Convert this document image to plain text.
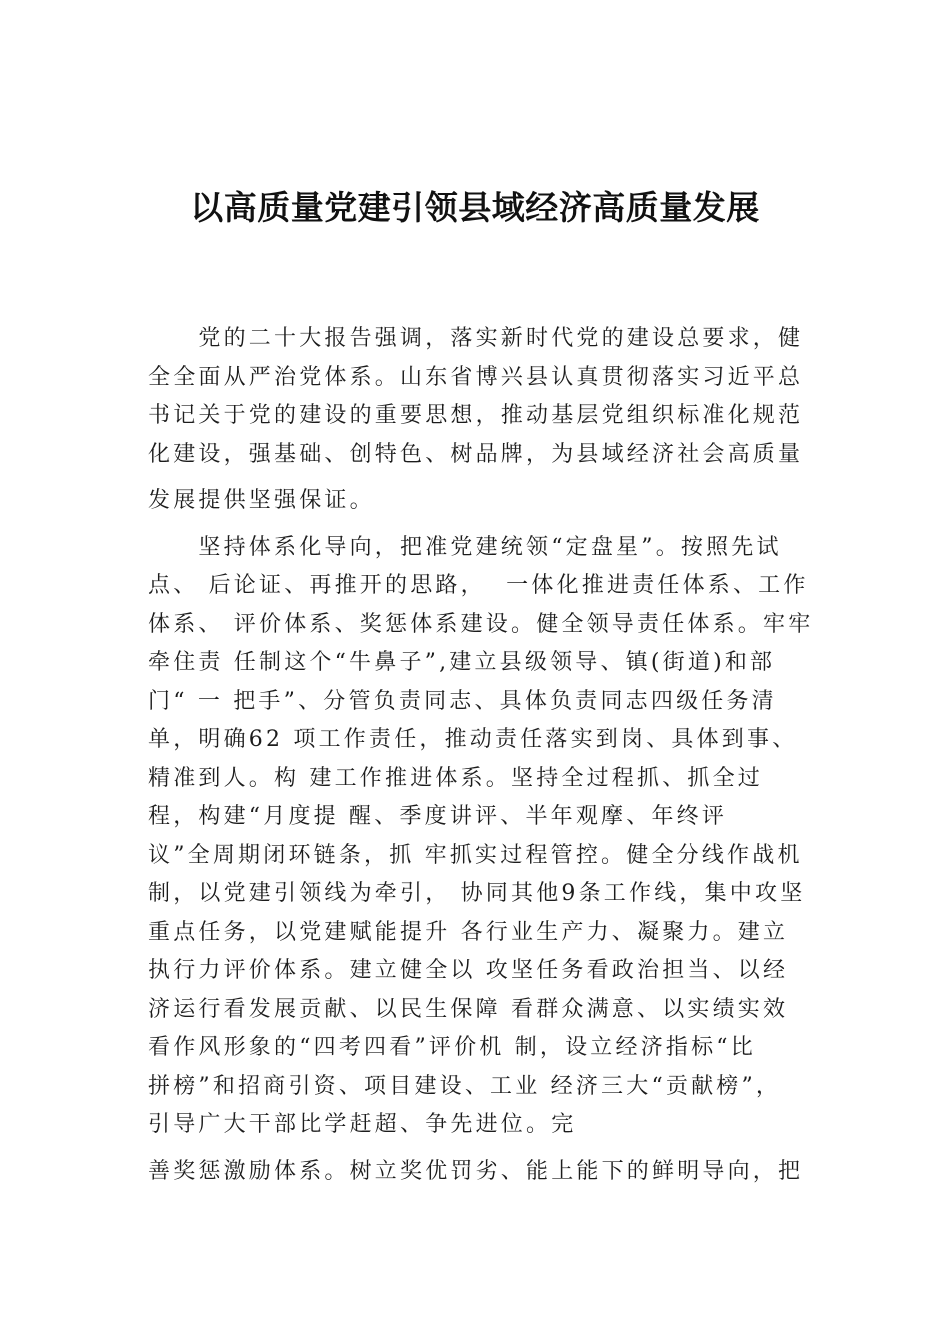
以高质量党建引领县域经济高质量发展
　　党的二十大报告强调，落实新时代党的建设总要求，健
全全面从严治党体系。山东省博兴县认真贯彻落实习近平总
书记关于党的建设的重要思想，推动基层党组织标准化规范
化建设，强基础、创特色、树品牌，为县域经济社会高质量
发展提供坚强保证。
　　坚持体系化导向，把准党建统领“定盘星”。按照先试
点、 后论证、再推开的思路，  一体化推进责任体系、工作
体系、 评价体系、奖惩体系建设。健全领导责任体系。牢牢
牵住责 任制这个“牛鼻子”,建立县级领导、镇(街道)和部
门“ 一 把手”、分管负责同志、具体负责同志四级任务清
单，明确62 项工作责任，推动责任落实到岗、具体到事、
精准到人。构 建工作推进体系。坚持全过程抓、抓全过
程，构建“月度提 醒、季度讲评、半年观摩、年终评
议”全周期闭环链条，抓 牢抓实过程管控。健全分线作战机
制，以党建引领线为牵引， 协同其他9条工作线，集中攻坚
重点任务，以党建赋能提升 各行业生产力、凝聚力。建立
执行力评价体系。建立健全以 攻坚任务看政治担当、以经
济运行看发展贡献、以民生保障 看群众满意、以实绩实效
看作风形象的“四考四看”评价机 制，设立经济指标“比
拼榜”和招商引资、项目建设、工业 经济三大“贡献榜”，
引导广大干部比学赶超、争先进位。完
善奖惩激励体系。树立奖优罚劣、能上能下的鲜明导向，把
